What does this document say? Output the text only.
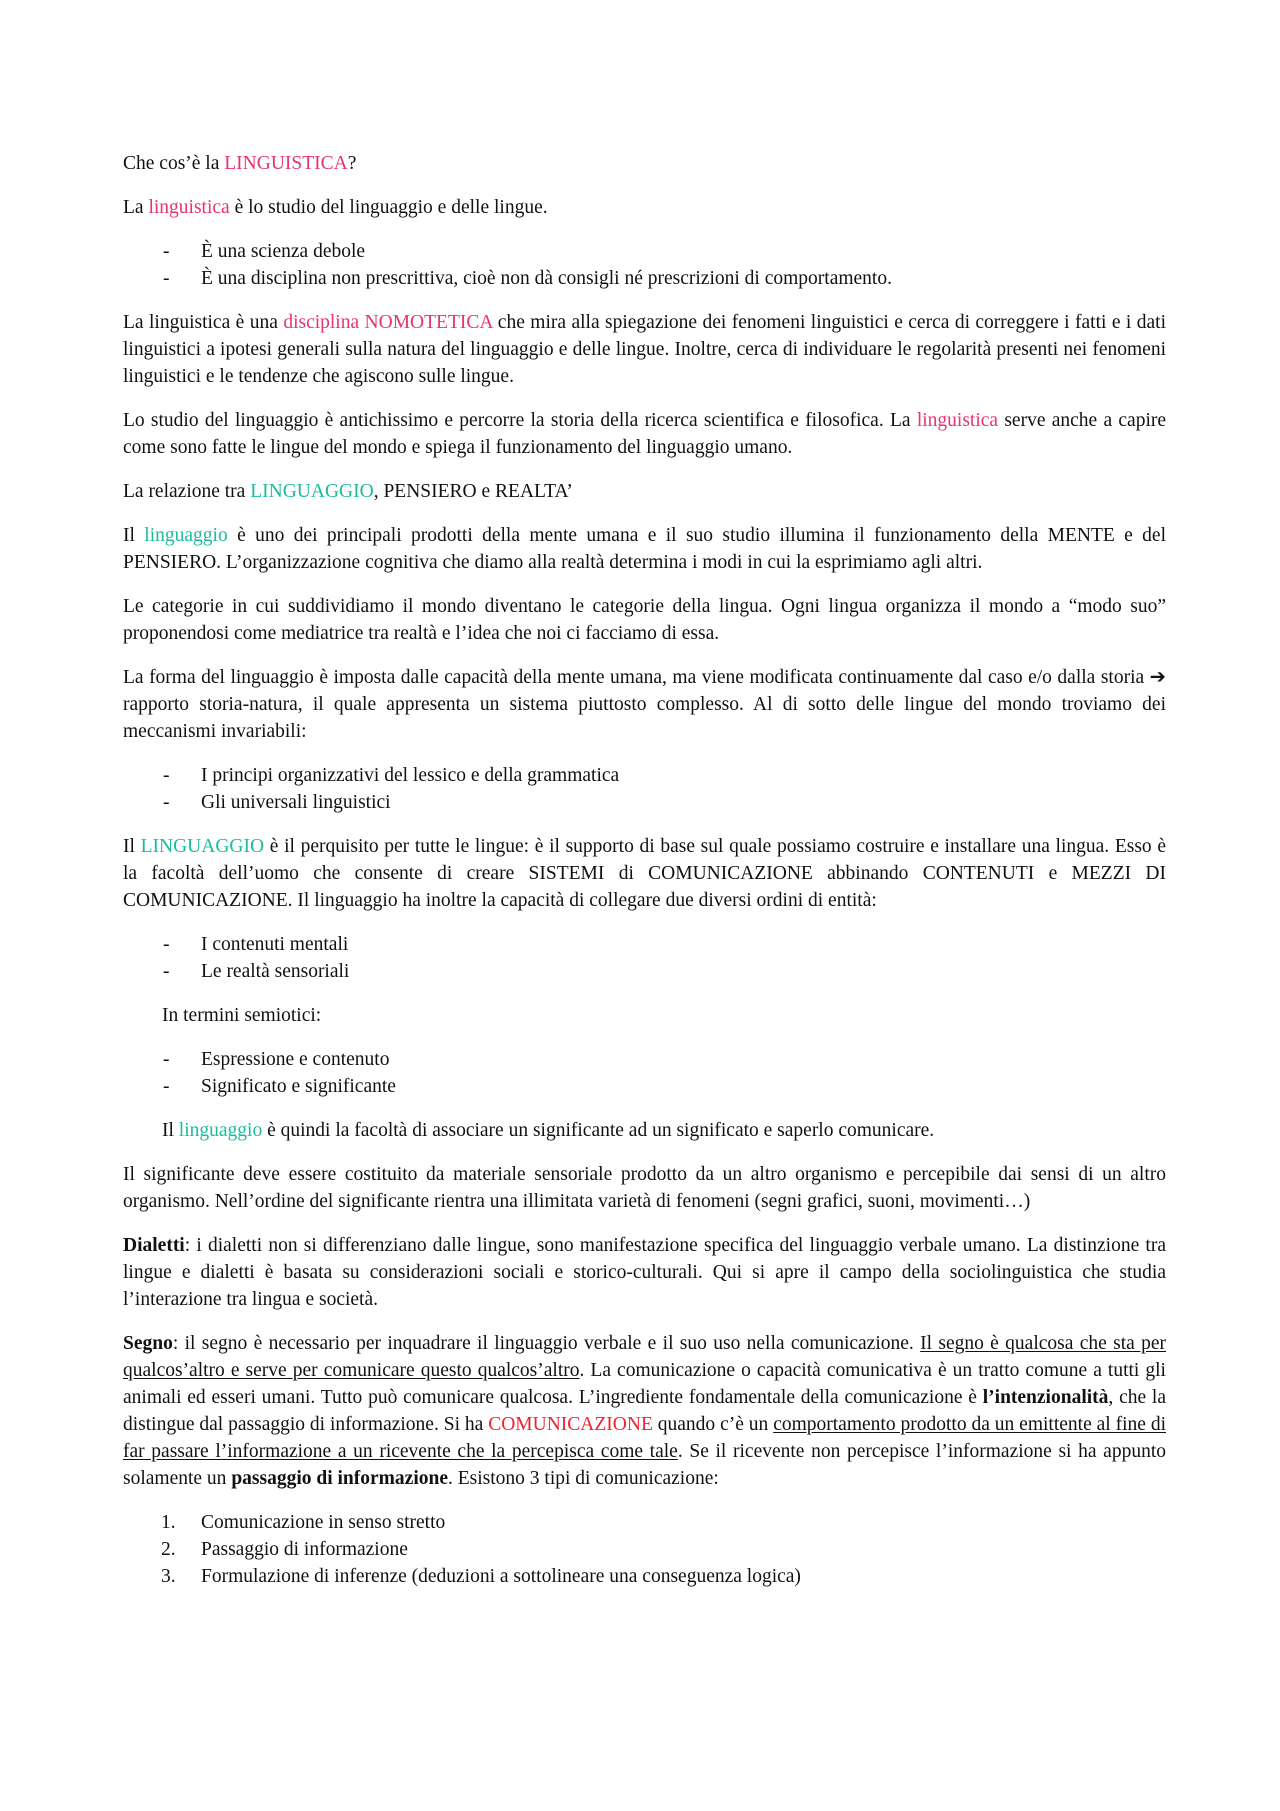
Che cos’è la LINGUISTICA?

La linguistica è lo studio del linguaggio e delle lingue.

- È una scienza debole
- È una disciplina non prescrittiva, cioè non dà consigli né prescrizioni di comportamento.

La linguistica è una disciplina NOMOTETICA che mira alla spiegazione dei fenomeni linguistici e cerca di correggere i fatti e i dati linguistici a ipotesi generali sulla natura del linguaggio e delle lingue. Inoltre, cerca di individuare le regolarità presenti nei fenomeni linguistici e le tendenze che agiscono sulle lingue.

Lo studio del linguaggio è antichissimo e percorre la storia della ricerca scientifica e filosofica. La linguistica serve anche a capire come sono fatte le lingue del mondo e spiega il funzionamento del linguaggio umano.

La relazione tra LINGUAGGIO, PENSIERO e REALTA’

Il linguaggio è uno dei principali prodotti della mente umana e il suo studio illumina il funzionamento della MENTE e del PENSIERO. L’organizzazione cognitiva che diamo alla realtà determina i modi in cui la esprimiamo agli altri.

Le categorie in cui suddividiamo il mondo diventano le categorie della lingua. Ogni lingua organizza il mondo a “modo suo” proponendosi come mediatrice tra realtà e l’idea che noi ci facciamo di essa.

La forma del linguaggio è imposta dalle capacità della mente umana, ma viene modificata continuamente dal caso e/o dalla storia ➔ rapporto storia-natura, il quale appresenta un sistema piuttosto complesso. Al di sotto delle lingue del mondo troviamo dei meccanismi invariabili:

- I principi organizzativi del lessico e della grammatica
- Gli universali linguistici

Il LINGUAGGIO è il perquisito per tutte le lingue: è il supporto di base sul quale possiamo costruire e installare una lingua. Esso è la facoltà dell’uomo che consente di creare SISTEMI di COMUNICAZIONE abbinando CONTENUTI e MEZZI DI COMUNICAZIONE. Il linguaggio ha inoltre la capacità di collegare due diversi ordini di entità:

- I contenuti mentali
- Le realtà sensoriali

In termini semiotici:

- Espressione e contenuto
- Significato e significante

Il linguaggio è quindi la facoltà di associare un significante ad un significato e saperlo comunicare.

Il significante deve essere costituito da materiale sensoriale prodotto da un altro organismo e percepibile dai sensi di un altro organismo. Nell’ordine del significante rientra una illimitata varietà di fenomeni (segni grafici, suoni, movimenti…)

Dialetti: i dialetti non si differenziano dalle lingue, sono manifestazione specifica del linguaggio verbale umano. La distinzione tra lingue e dialetti è basata su considerazioni sociali e storico-culturali. Qui si apre il campo della sociolinguistica che studia l’interazione tra lingua e società.

Segno: il segno è necessario per inquadrare il linguaggio verbale e il suo uso nella comunicazione. Il segno è qualcosa che sta per qualcos’altro e serve per comunicare questo qualcos’altro. La comunicazione o capacità comunicativa è un tratto comune a tutti gli animali ed esseri umani. Tutto può comunicare qualcosa. L’ingrediente fondamentale della comunicazione è l’intenzionalità, che la distingue dal passaggio di informazione. Si ha COMUNICAZIONE quando c’è un comportamento prodotto da un emittente al fine di far passare l’informazione a un ricevente che la percepisca come tale. Se il ricevente non percepisce l’informazione si ha appunto solamente un passaggio di informazione. Esistono 3 tipi di comunicazione:

1.	Comunicazione in senso stretto
2.	Passaggio di informazione
3.	Formulazione di inferenze (deduzioni a sottolineare una conseguenza logica)
